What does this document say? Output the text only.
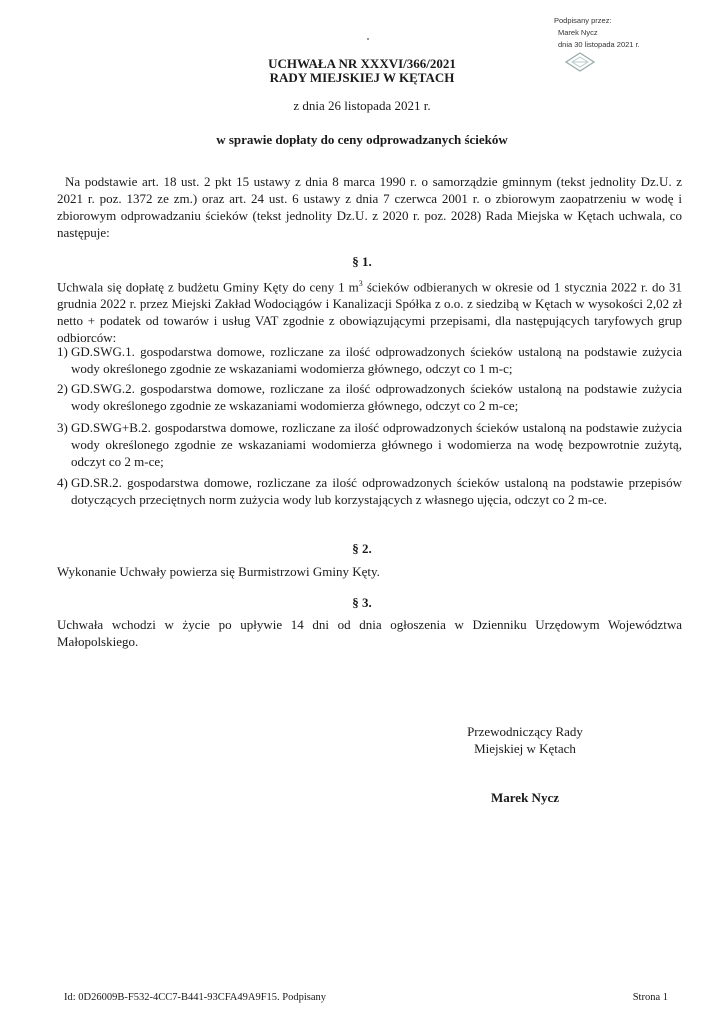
Podpisany przez:
Marek Nycz
dnia 30 listopada 2021 r.
UCHWAŁA NR XXXVI/366/2021
RADY MIEJSKIEJ W KĘTACH
z dnia 26 listopada 2021 r.
w sprawie dopłaty do ceny odprowadzanych ścieków
Na podstawie art. 18 ust. 2 pkt 15 ustawy z dnia 8 marca 1990 r. o samorządzie gminnym (tekst jednolity Dz.U. z 2021 r. poz. 1372 ze zm.) oraz art. 24 ust. 6 ustawy z dnia 7 czerwca 2001 r. o zbiorowym zaopatrzeniu w wodę i zbiorowym odprowadzaniu ścieków (tekst jednolity Dz.U. z 2020 r. poz. 2028) Rada Miejska w Kętach uchwala, co następuje:
§ 1.
Uchwala się dopłatę z budżetu Gminy Kęty do ceny 1 $m^3$ ścieków odbieranych w okresie od 1 stycznia 2022 r. do 31 grudnia 2022 r. przez Miejski Zakład Wodociągów i Kanalizacji Spółka z o.o. z siedzibą w Kętach w wysokości 2,02 zł netto + podatek od towarów i usług VAT zgodnie z obowiązującymi przepisami, dla następujących taryfowych grup odbiorców:
1) GD.SWG.1. gospodarstwa domowe, rozliczane za ilość odprowadzonych ścieków ustaloną na podstawie zużycia wody określonego zgodnie ze wskazaniami wodomierza głównego, odczyt co 1 m-c;
2) GD.SWG.2. gospodarstwa domowe, rozliczane za ilość odprowadzonych ścieków ustaloną na podstawie zużycia wody określonego zgodnie ze wskazaniami wodomierza głównego, odczyt co 2 m-ce;
3) GD.SWG+B.2. gospodarstwa domowe, rozliczane za ilość odprowadzonych ścieków ustaloną na podstawie zużycia wody określonego zgodnie ze wskazaniami wodomierza głównego i wodomierza na wodę bezpowrotnie zużytą, odczyt co 2 m-ce;
4) GD.SR.2. gospodarstwa domowe, rozliczane za ilość odprowadzonych ścieków ustaloną na podstawie przepisów dotyczących przeciętnych norm zużycia wody lub korzystających z własnego ujęcia, odczyt co 2 m-ce.
§ 2.
Wykonanie Uchwały powierza się Burmistrzowi Gminy Kęty.
§ 3.
Uchwała wchodzi w życie po upływie 14 dni od dnia ogłoszenia w Dzienniku Urzędowym Województwa Małopolskiego.
Przewodniczący Rady
Miejskiej w Kętach
Marek Nycz
Id: 0D26009B-F532-4CC7-B441-93CFA49A9F15. Podpisany	Strona 1
